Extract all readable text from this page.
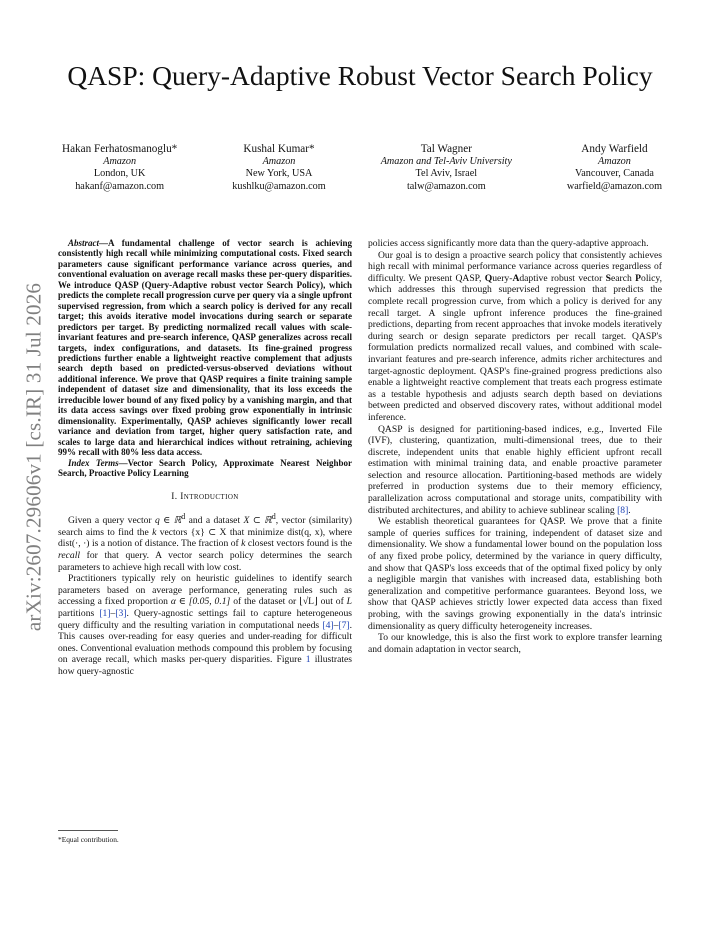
arXiv:2607.29606v1 [cs.IR] 31 Jul 2026
QASP: Query-Adaptive Robust Vector Search Policy
Hakan Ferhatosmanoglu*
Amazon
London, UK
hakanf@amazon.com
Kushal Kumar*
Amazon
New York, USA
kushlku@amazon.com
Tal Wagner
Amazon and Tel-Aviv University
Tel Aviv, Israel
talw@amazon.com
Andy Warfield
Amazon
Vancouver, Canada
warfield@amazon.com

Abstract—A fundamental challenge of vector search is achieving consistently high recall while minimizing computational costs. Fixed search parameters cause significant performance variance across queries, and conventional evaluation on average recall masks these per-query disparities. We introduce QASP (Query-Adaptive robust vector Search Policy), which predicts the complete recall progression curve per query via a single upfront supervised regression, from which a search policy is derived for any recall target; this avoids iterative model invocations during search or separate predictors per target. By predicting normalized recall values with scale-invariant features and pre-search inference, QASP generalizes across recall targets, index configurations, and datasets. Its fine-grained progress predictions further enable a lightweight reactive complement that adjusts search depth based on predicted-versus-observed deviations without additional inference. We prove that QASP requires a finite training sample independent of dataset size and dimensionality, that its loss exceeds the irreducible lower bound of any fixed policy by a vanishing margin, and that its data access savings over fixed probing grow exponentially in intrinsic dimensionality. Experimentally, QASP achieves significantly lower recall variance and deviation from target, higher query satisfaction rate, and scales to large data and hierarchical indices without retraining, achieving 99% recall with 80% less data access.

Index Terms—Vector Search Policy, Approximate Nearest Neighbor Search, Proactive Policy Learning

I. Introduction

Given a query vector q ∈ ℝ$^d$ and a dataset X ⊂ ℝ$^d$, vector (similarity) search aims to find the k vectors {x} ⊂ X that minimize dist(q, x), where dist(·, ·) is a notion of distance. The fraction of k closest vectors found is the recall for that query. A vector search policy determines the search parameters to achieve high recall with low cost.

Practitioners typically rely on heuristic guidelines to identify search parameters based on average performance, generating rules such as accessing a fixed proportion α ∈ [0.05, 0.1] of the dataset or ⌊√L⌋ out of L partitions [1]–[3]. Query-agnostic settings fail to capture heterogeneous query difficulty and the resulting variation in computational needs [4]–[7]. This causes over-reading for easy queries and under-reading for difficult ones. Conventional evaluation methods compound this problem by focusing on average recall, which masks per-query disparities. Figure 1 illustrates how query-agnostic

policies access significantly more data than the query-adaptive approach.

Our goal is to design a proactive search policy that consistently achieves high recall with minimal performance variance across queries regardless of difficulty. We present QASP, Query-Adaptive robust vector Search Policy, which addresses this through supervised regression that predicts the complete recall progression curve, from which a policy is derived for any recall target. A single upfront inference produces the fine-grained predictions, departing from recent approaches that invoke models iteratively during search or design separate predictors per recall target. QASP's formulation predicts normalized recall values, and combined with scale-invariant features and pre-search inference, admits richer architectures and target-agnostic deployment. QASP's fine-grained progress predictions also enable a lightweight reactive complement that treats each progress estimate as a testable hypothesis and adjusts search depth based on deviations between predicted and observed discovery rates, without additional model inference.

QASP is designed for partitioning-based indices, e.g., Inverted File (IVF), clustering, quantization, multi-dimensional trees, due to their discrete, independent units that enable highly efficient upfront recall estimation with minimal training data, and enable proactive parameter selection and resource allocation. Partitioning-based methods are widely preferred in production systems due to their memory efficiency, parallelization across computational and storage units, compatibility with distributed architectures, and ability to achieve sublinear scaling [8].

We establish theoretical guarantees for QASP. We prove that a finite sample of queries suffices for training, independent of dataset size and dimensionality. We show a fundamental lower bound on the population loss of any fixed probe policy, determined by the variance in query difficulty, and show that QASP's loss exceeds that of the optimal fixed policy by only a negligible margin that vanishes with increased data, establishing both generalization and competitive performance guarantees. Beyond loss, we show that QASP achieves strictly lower expected data access than fixed probing, with the savings growing exponentially in the data's intrinsic dimensionality as query difficulty heterogeneity increases.

To our knowledge, this is also the first work to explore transfer learning and domain adaptation in vector search,

*Equal contribution.
